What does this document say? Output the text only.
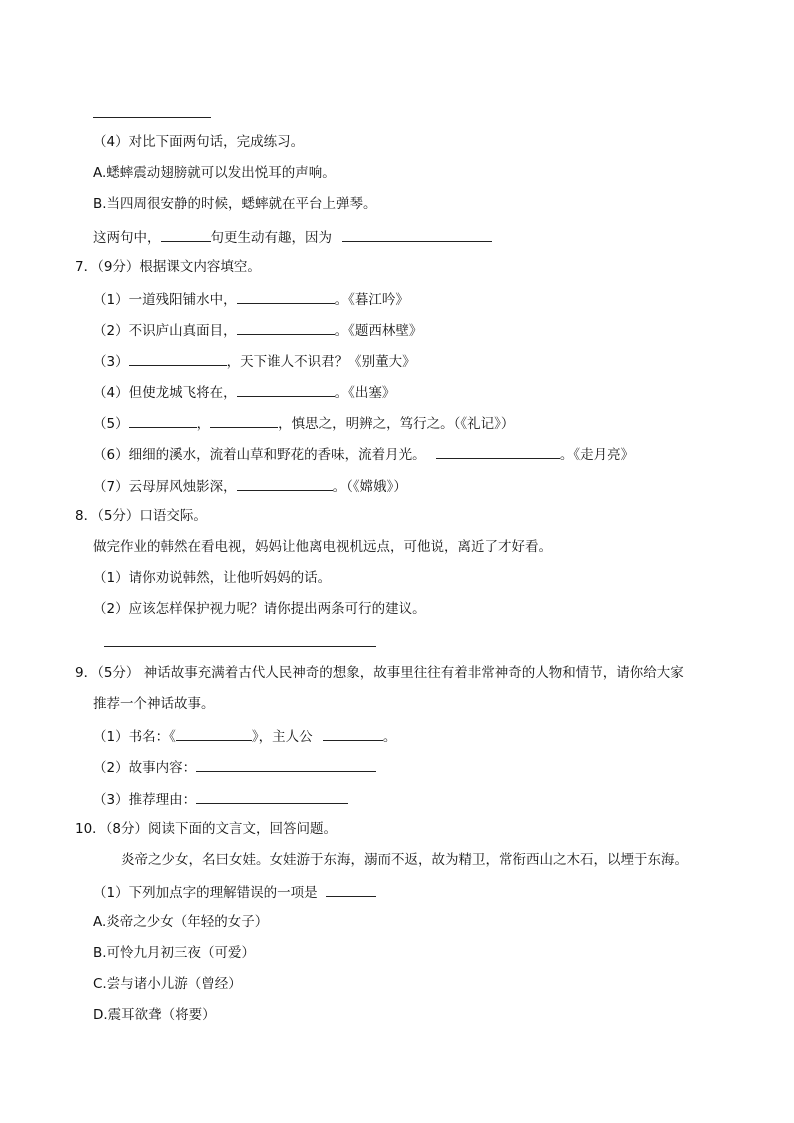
（4）对比下面两句话，完成练习。
A.蟋蟀震动翅膀就可以发出悦耳的声响。
B.当四周很安静的时候，蟋蟀就在平台上弹琴。
这两句中，	句更生动有趣，因为
7．（9分）根据课文内容填空。
（1）一道残阳铺水中，	。《暮江吟》
（2）不识庐山真面目，	。《题西林壁》
（3）	，天下谁人不识君？《别董大》
（4）但使龙城飞将在，	。《出塞》
（5）	，	，慎思之，明辨之，笃行之。（《礼记》）
（6）细细的溪水，流着山草和野花的香味，流着月光。	。《走月亮》
（7）云母屏风烛影深，	。（《嫦娥》）
8．（5分）口语交际。
做完作业的韩然在看电视，妈妈让他离电视机远点，可他说，离近了才好看。
（1）请你劝说韩然，让他听妈妈的话。
（2）应该怎样保护视力呢？请你提出两条可行的建议。
9．（5分） 神话故事充满着古代人民神奇的想象，故事里往往有着非常神奇的人物和情节，请你给大家
推荐一个神话故事。
（1）书名：《	》，主人公	。
（2）故事内容：
（3）推荐理由：
10．（8分）阅读下面的文言文，回答问题。
炎帝之少女，名曰女娃。女娃游于东海，溺而不返，故为精卫，常衔西山之木石，以堙于东海。
（1）下列加点字的理解错误的一项是
A.炎帝之少女（年轻的女子）
B.可怜九月初三夜（可爱）
C.尝与诸小儿游（曾经）
D.震耳欲聋（将要）
